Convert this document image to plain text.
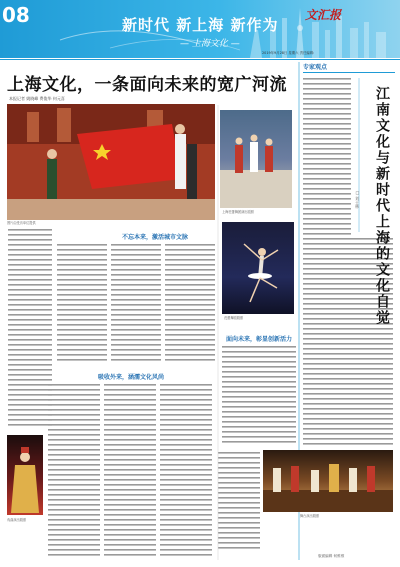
08	新时代 新上海 新作为
— 上海文化 —
文汇报
2019年9月28日 星期六 责任编辑:
上海文化，一条面向未来的宽广河流
本报记者 姚晓峰 费俊华 何元喜
图片由受访单位提供
上海芭蕾舞团演出剧照
芭蕾舞剧剧照
不忘本来，激活城市文脉
吸收外来，涵濡文化风尚
面向未来，彰显创新活力
戏曲演出剧照
舞台演出剧照
专家观点
江南文化与新时代上海的文化自觉
□ 刘士林
版面编辑 何维维
